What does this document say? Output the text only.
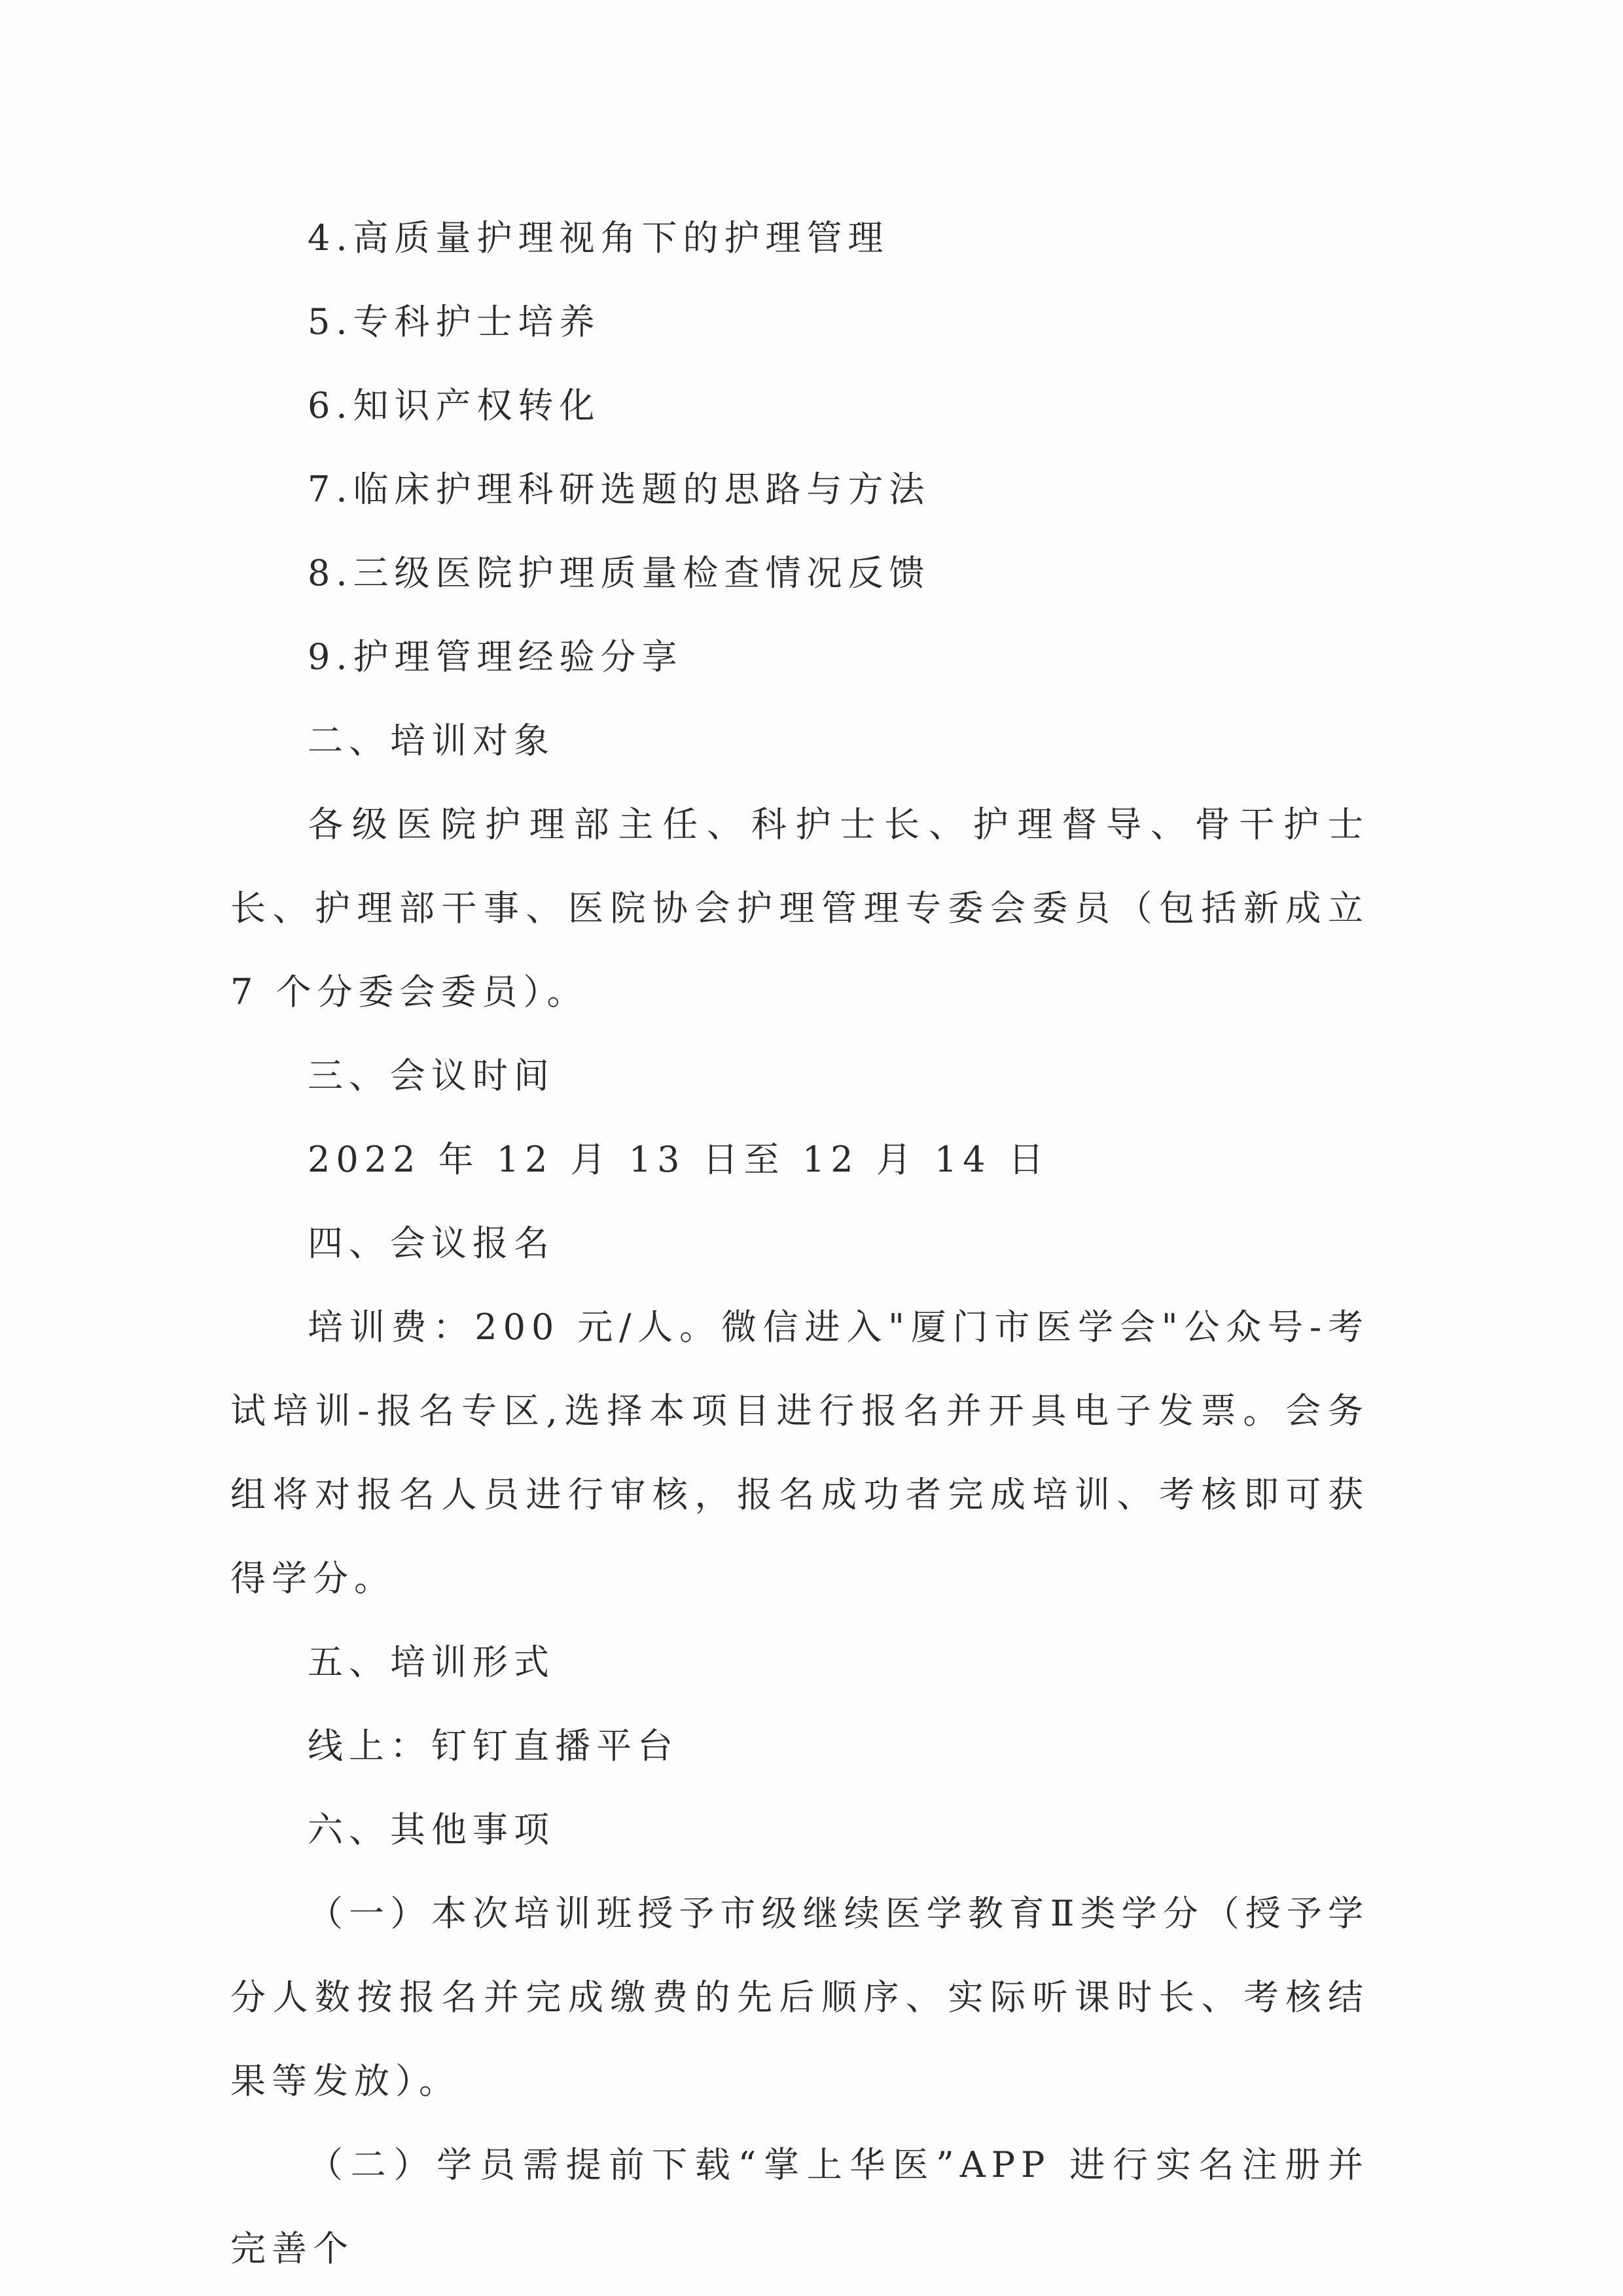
4.高质量护理视角下的护理管理
5.专科护士培养
6.知识产权转化
7.临床护理科研选题的思路与方法
8.三级医院护理质量检查情况反馈
9.护理管理经验分享
二、培训对象
各级医院护理部主任、科护士长、护理督导、骨干护士长、护理部干事、医院协会护理管理专委会委员（包括新成立 7 个分委会委员）。
三、会议时间
2022 年 12 月 13 日至 12 月 14 日
四、会议报名
培训费：200 元/人。微信进入"厦门市医学会"公众号-考试培训-报名专区,选择本项目进行报名并开具电子发票。会务组将对报名人员进行审核，报名成功者完成培训、考核即可获得学分。
五、培训形式
线上：钉钉直播平台
六、其他事项
（一）本次培训班授予市级继续医学教育Ⅱ类学分（授予学分人数按报名并完成缴费的先后顺序、实际听课时长、考核结果等发放）。
（二）学员需提前下载“掌上华医”APP 进行实名注册并完善个
